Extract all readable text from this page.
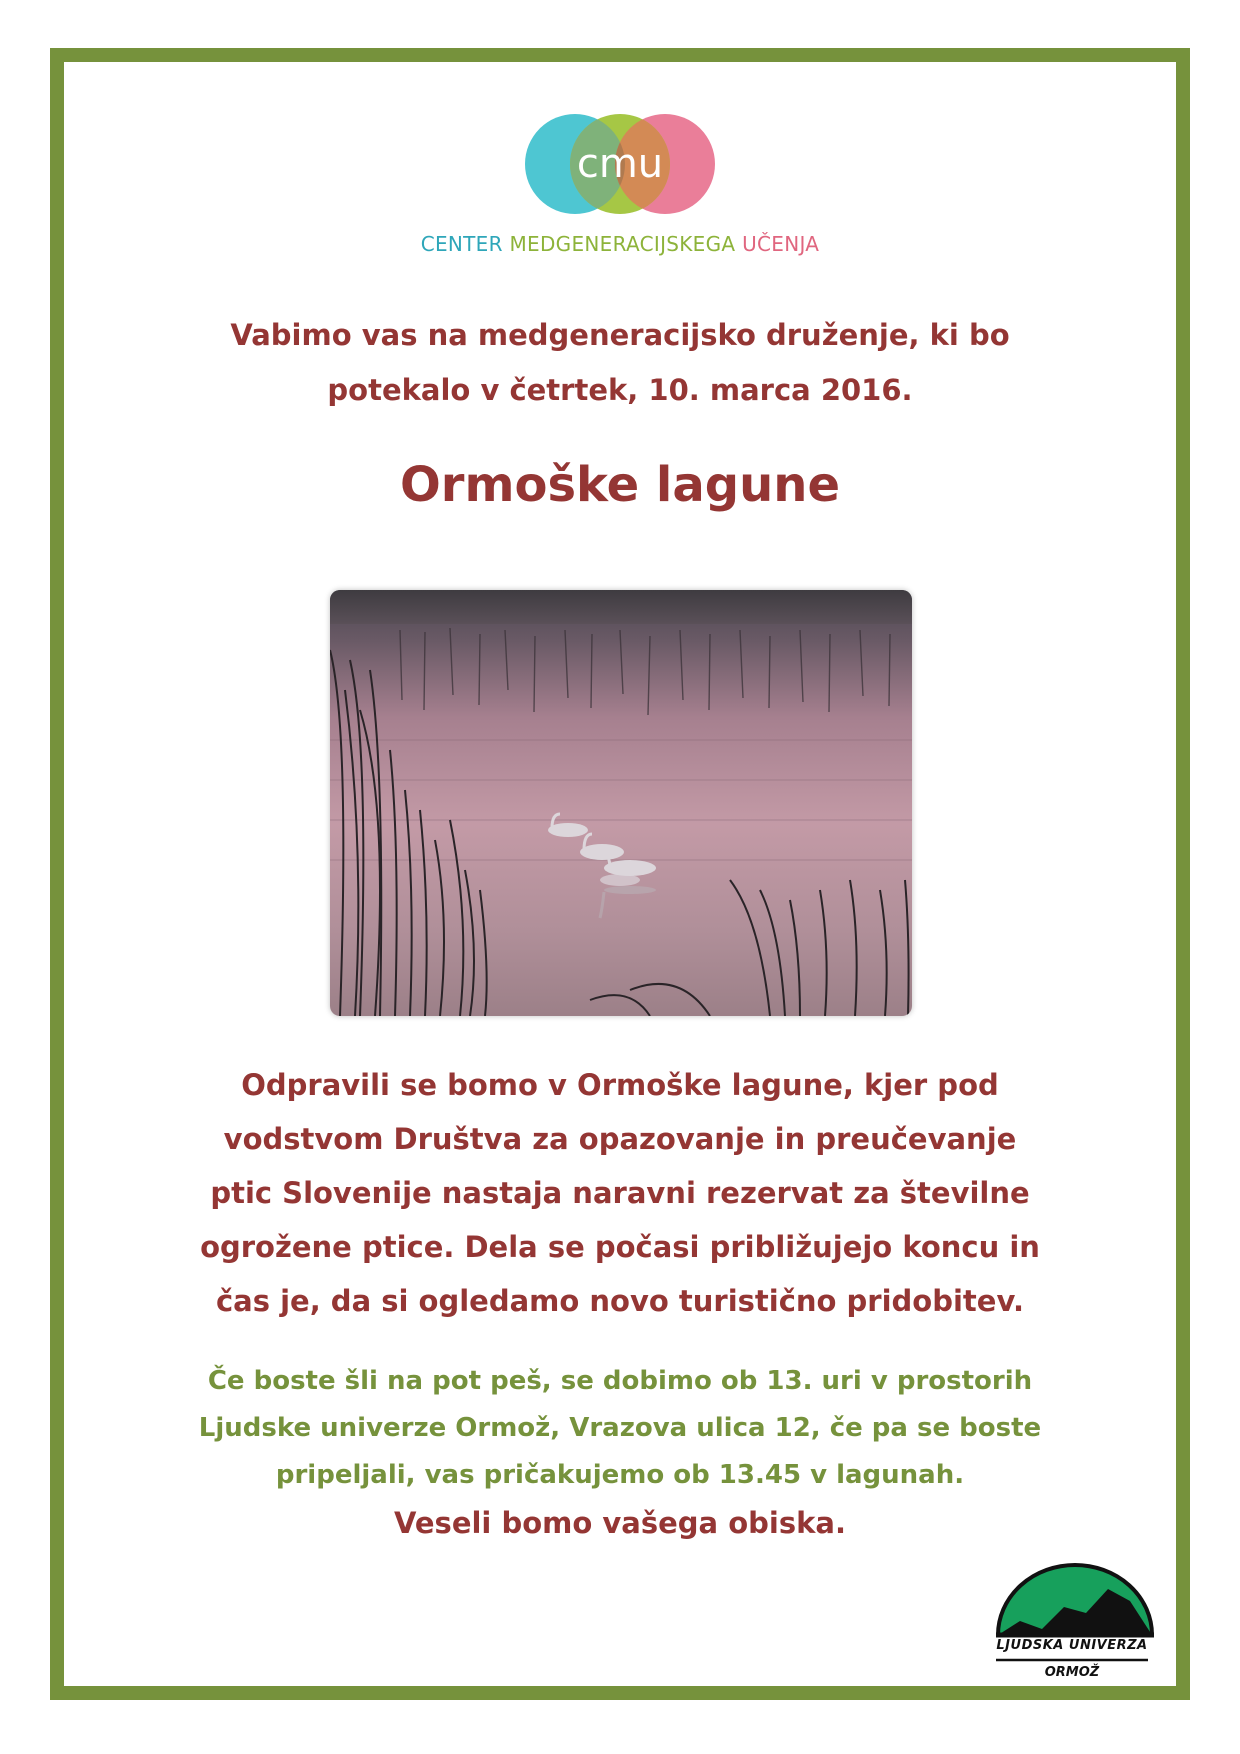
cmu
CENTER MEDGENERACIJSKEGA UČENJA
Vabimo vas na medgeneracijsko druženje, ki bo
potekalo v četrtek, 10. marca 2016.
Ormoške lagune
Odpravili se bomo v Ormoške lagune, kjer pod
vodstvom Društva za opazovanje in preučevanje
ptic Slovenije nastaja naravni rezervat za številne
ogrožene ptice. Dela se počasi približujejo koncu in
čas je, da si ogledamo novo turistično pridobitev.
Če boste šli na pot peš, se dobimo ob 13. uri v prostorih
Ljudske univerze Ormož, Vrazova ulica 12, če pa se boste
pripeljali, vas pričakujemo ob 13.45 v lagunah.
Veseli bomo vašega obiska.
LJUDSKA UNIVERZA
ORMOŽ
